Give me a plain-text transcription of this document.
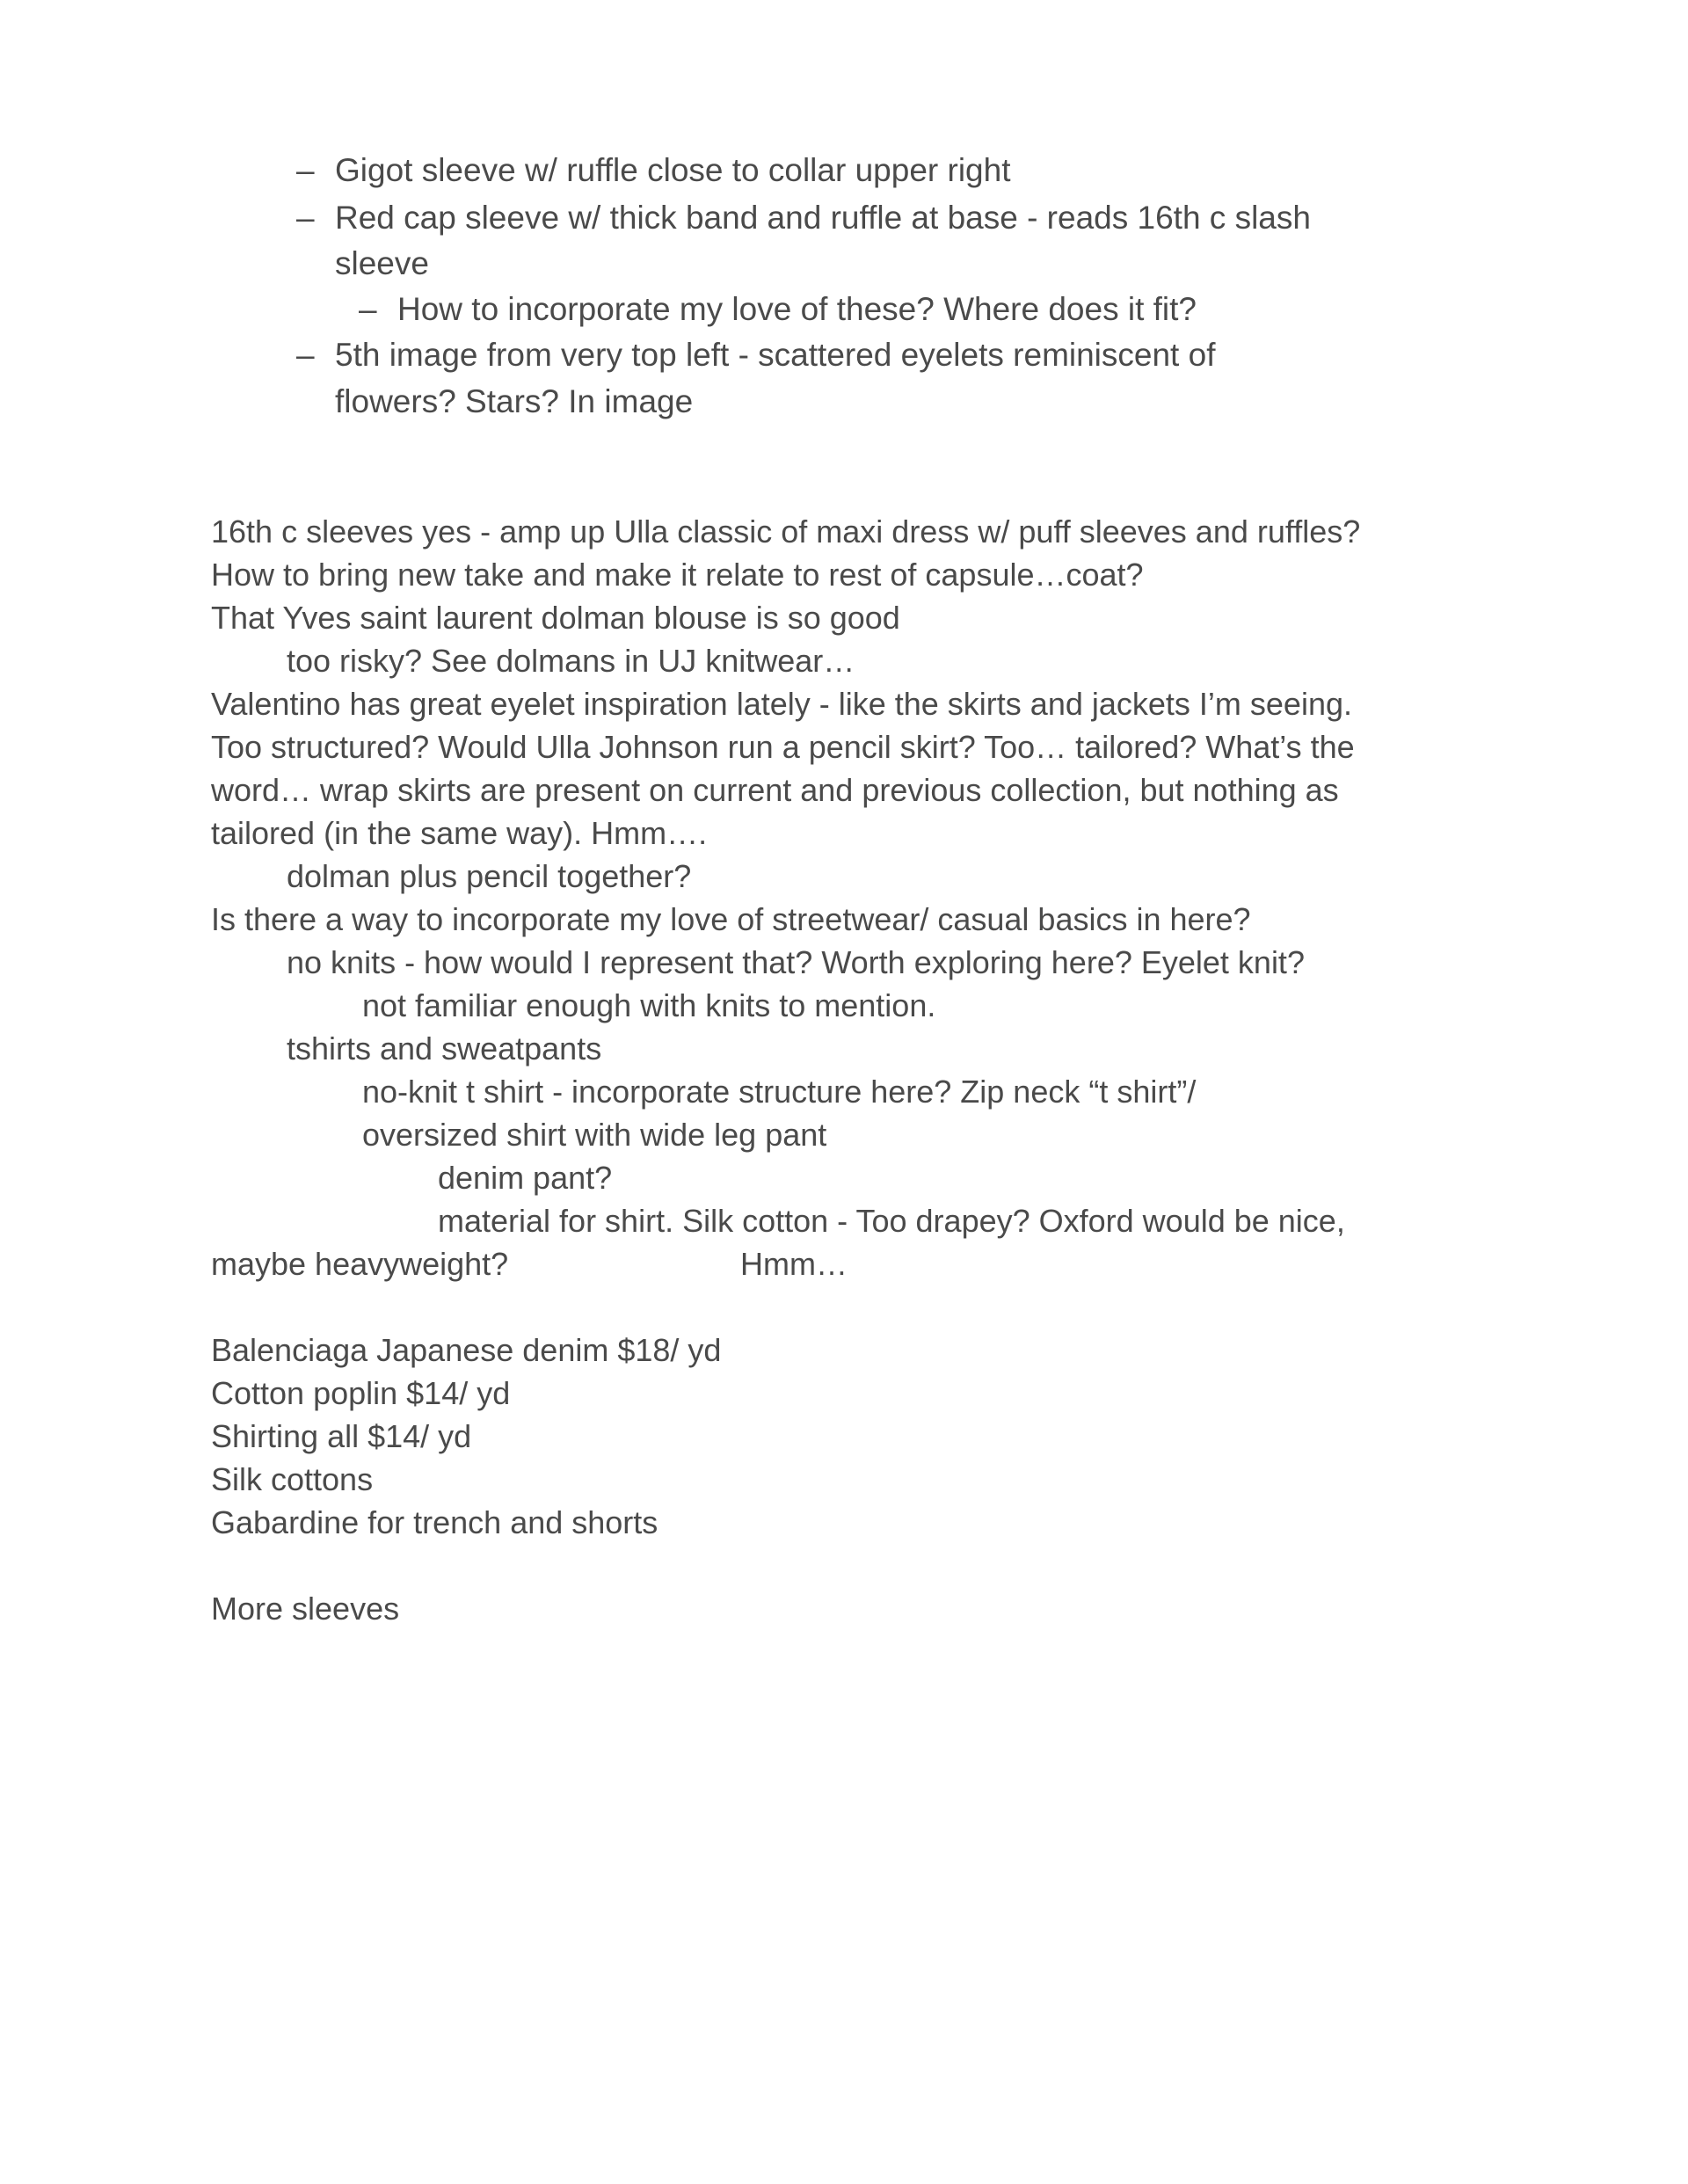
– Gigot sleeve w/ ruffle close to collar upper right
– Red cap sleeve w/ thick band and ruffle at base - reads 16th c slash
sleeve
– How to incorporate my love of these? Where does it fit?
– 5th image from very top left - scattered eyelets reminiscent of
flowers? Stars? In image
16th c sleeves yes - amp up Ulla classic of maxi dress w/ puff sleeves and ruffles?
How to bring new take and make it relate to rest of capsule…coat?
That Yves saint laurent dolman blouse is so good
too risky? See dolmans in UJ knitwear…
Valentino has great eyelet inspiration lately - like the skirts and jackets I’m seeing.
Too structured? Would Ulla Johnson run a pencil skirt? Too… tailored? What’s the
word… wrap skirts are present on current and previous collection, but nothing as
tailored (in the same way). Hmm….
dolman plus pencil together?
Is there a way to incorporate my love of streetwear/ casual basics in here?
no knits - how would I represent that? Worth exploring here? Eyelet knit?
not familiar enough with knits to mention.
tshirts and sweatpants
no-knit t shirt - incorporate structure here? Zip neck “t shirt”/
oversized shirt with wide leg pant
denim pant?
material for shirt. Silk cotton - Too drapey? Oxford would be nice,
maybe heavyweight?	Hmm…
Balenciaga Japanese denim $18/ yd
Cotton poplin $14/ yd
Shirting all $14/ yd
Silk cottons
Gabardine for trench and shorts
More sleeves
